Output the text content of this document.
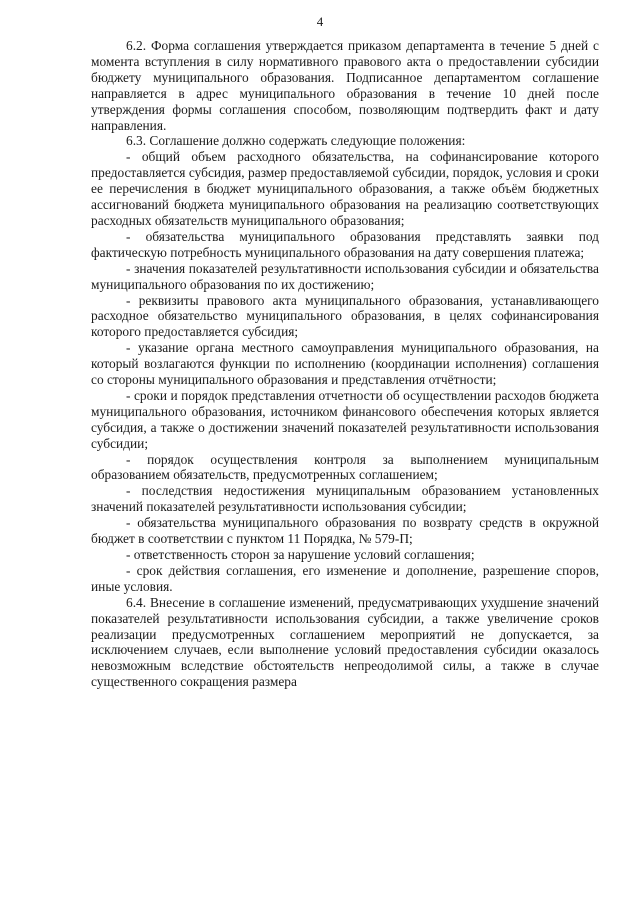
4

6.2. Форма соглашения утверждается приказом департамента в течение 5 дней с момента вступления в силу нормативного правового акта о предоставлении субсидии бюджету муниципального образования. Подписанное департаментом соглашение направляется в адрес муниципального образования в течение 10 дней после утверждения формы соглашения способом, позволяющим подтвердить факт и дату направления.

6.3. Соглашение должно содержать следующие положения:

- общий объем расходного обязательства, на софинансирование которого предоставляется субсидия, размер предоставляемой субсидии, порядок, условия и сроки ее перечисления в бюджет муниципального образования, а также объём бюджетных ассигнований бюджета муниципального образования на реализацию соответствующих расходных обязательств муниципального образования;

- обязательства муниципального образования представлять заявки под фактическую потребность муниципального образования на дату совершения платежа;

- значения показателей результативности использования субсидии и обязательства муниципального образования по их достижению;

- реквизиты правового акта муниципального образования, устанавливающего расходное обязательство муниципального образования, в целях софинансирования которого предоставляется субсидия;

- указание органа местного самоуправления муниципального образования, на который возлагаются функции по исполнению (координации исполнения) соглашения со стороны муниципального образования и представления отчётности;

- сроки и порядок представления отчетности об осуществлении расходов бюджета муниципального образования, источником финансового обеспечения которых является субсидия, а также о достижении значений показателей результативности использования субсидии;

- порядок осуществления контроля за выполнением муниципальным образованием обязательств, предусмотренных соглашением;

- последствия недостижения муниципальным образованием установленных значений показателей результативности использования субсидии;

- обязательства муниципального образования по возврату средств в окружной бюджет в соответствии с пунктом 11 Порядка, № 579-П;

- ответственность сторон за нарушение условий соглашения;

- срок действия соглашения, его изменение и дополнение, разрешение споров, иные условия.

6.4. Внесение в соглашение изменений, предусматривающих ухудшение значений показателей результативности использования субсидии, а также увеличение сроков реализации предусмотренных соглашением мероприятий не допускается, за исключением случаев, если выполнение условий предоставления субсидии оказалось невозможным вследствие обстоятельств непреодолимой силы, а также в случае существенного сокращения размера
